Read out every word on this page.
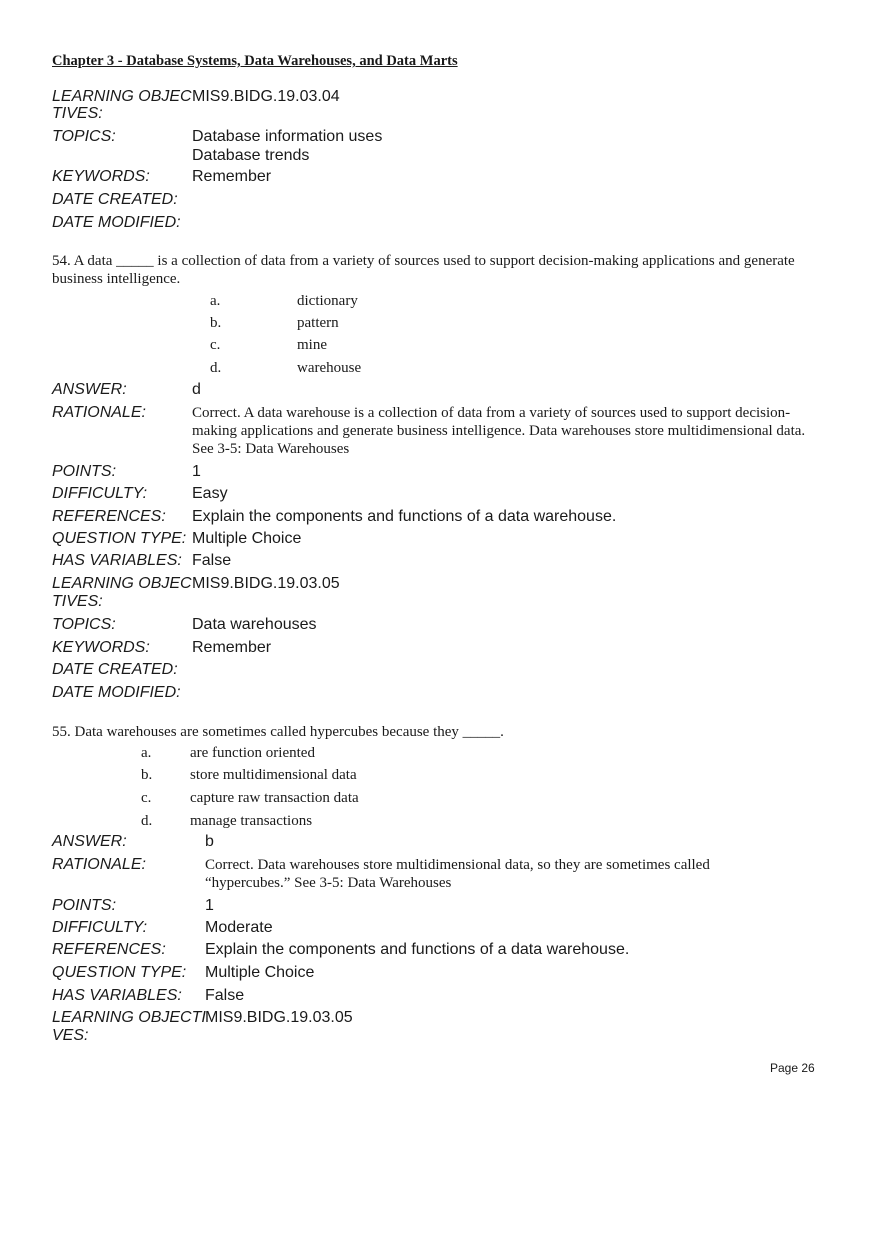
Chapter 3 - Database Systems, Data Warehouses, and Data Marts
LEARNING OBJEC MIS9.BIDG.19.03.04
TIVES:
TOPICS:	Database information uses
Database trends
KEYWORDS:	Remember
DATE CREATED:
DATE MODIFIED:
54. A data _____ is a collection of data from a variety of sources used to support decision-making applications and generate business intelligence.
a.	dictionary
b.	pattern
c.	mine
d.	warehouse
ANSWER:	d
RATIONALE:	Correct. A data warehouse is a collection of data from a variety of sources used to support decision-making applications and generate business intelligence. Data warehouses store multidimensional data. See 3-5: Data Warehouses
POINTS:	1
DIFFICULTY:	Easy
REFERENCES: Explain the components and functions of a data warehouse.
QUESTION TYPE: Multiple Choice
HAS VARIABLES: False
LEARNING OBJEC MIS9.BIDG.19.03.05
TIVES:
TOPICS:	Data warehouses
KEYWORDS:	Remember
DATE CREATED:
DATE MODIFIED:
55. Data warehouses are sometimes called hypercubes because they _____.
a.	are function oriented
b.	store multidimensional data
c.	capture raw transaction data
d.	manage transactions
ANSWER:	b
RATIONALE:	Correct. Data warehouses store multidimensional data, so they are sometimes called “hypercubes.” See 3-5: Data Warehouses
POINTS:	1
DIFFICULTY:	Moderate
REFERENCES: Explain the components and functions of a data warehouse.
QUESTION TYPE: Multiple Choice
HAS VARIABLES: False
LEARNING OBJECTI MIS9.BIDG.19.03.05
VES:
Page 26
